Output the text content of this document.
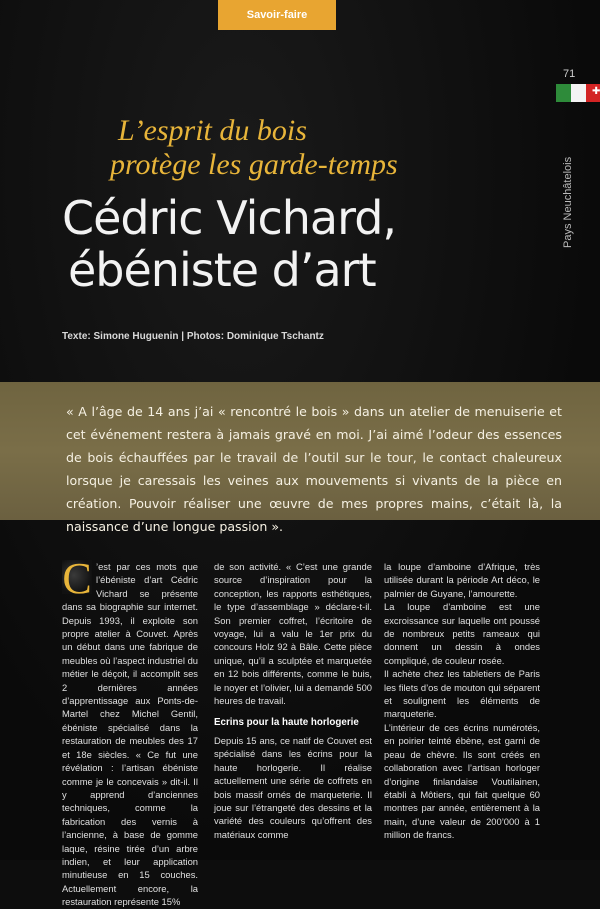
Savoir-faire
71
✚
Pays Neuchâtelois
L’esprit du bois
protège les garde-temps
Cédric Vichard,
ébéniste d’art
Texte: Simone Huguenin | Photos: Dominique Tschantz
« A l’âge de 14 ans j’ai « rencontré le bois » dans un atelier de menuiserie et cet événement restera à jamais gravé en moi. J’ai aimé l’odeur des essences de bois échauffées par le travail de l’outil sur le tour, le contact chaleureux lorsque je caressais les veines aux mouvements si vivants de la pièce en création. Pouvoir réaliser une œuvre de mes propres mains, c’était là, la naissance d’une longue passion ».
C ’est par ces mots que l’ébéniste d’art Cédric Vichard se présente dans sa biographie sur internet. Depuis 1993, il exploite son propre atelier à Couvet. Après un début dans une fabrique de meubles où l’aspect industriel du métier le déçoit, il accomplit ses 2 dernières années d’apprentissage aux Ponts-de-Martel chez Michel Gentil, ébéniste spécialisé dans la restauration de meubles des 17 et 18e siècles. « Ce fut une révélation : l’artisan ébéniste comme je le concevais » dit-il. Il y apprend d’anciennes techniques, comme la fabrication des vernis à l’ancienne, à base de gomme laque, résine tirée d’un arbre indien, et leur application minutieuse en 15 couches. Actuellement encore, la restauration représente 15%

de son activité. « C’est une grande source d’inspiration pour la conception, les rapports esthétiques, le type d’assemblage » déclare-t-il. Son premier coffret, l’écritoire de voyage, lui a valu le 1er prix du concours Holz 92 à Bâle. Cette pièce unique, qu’il a sculptée et marquetée en 12 bois différents, comme le buis, le noyer et l’olivier, lui a demandé 500 heures de travail.

Ecrins pour la haute horlogerie

Depuis 15 ans, ce natif de Couvet est spécialisé dans les écrins pour la haute horlogerie. Il réalise actuellement une série de coffrets en bois massif ornés de marqueterie. Il joue sur l’étrangeté des dessins et la variété des couleurs qu’offrent des matériaux comme

la loupe d’amboine d’Afrique, très utilisée durant la période Art déco, le palmier de Guyane, l’amourette.

La loupe d’amboine est une excroissance sur laquelle ont poussé de nombreux petits rameaux qui donnent un dessin à ondes compliqué, de couleur rosée.

Il achète chez les tabletiers de Paris les filets d’os de mouton qui séparent et soulignent les éléments de marqueterie.

L’intérieur de ces écrins numérotés, en poirier teinté ébène, est garni de peau de chèvre. Ils sont créés en collaboration avec l’artisan horloger d’origine finlandaise Voutilainen, établi à Môtiers, qui fait quelque 60 montres par année, entièrement à la main, d’une valeur de 200’000 à 1 million de francs.
